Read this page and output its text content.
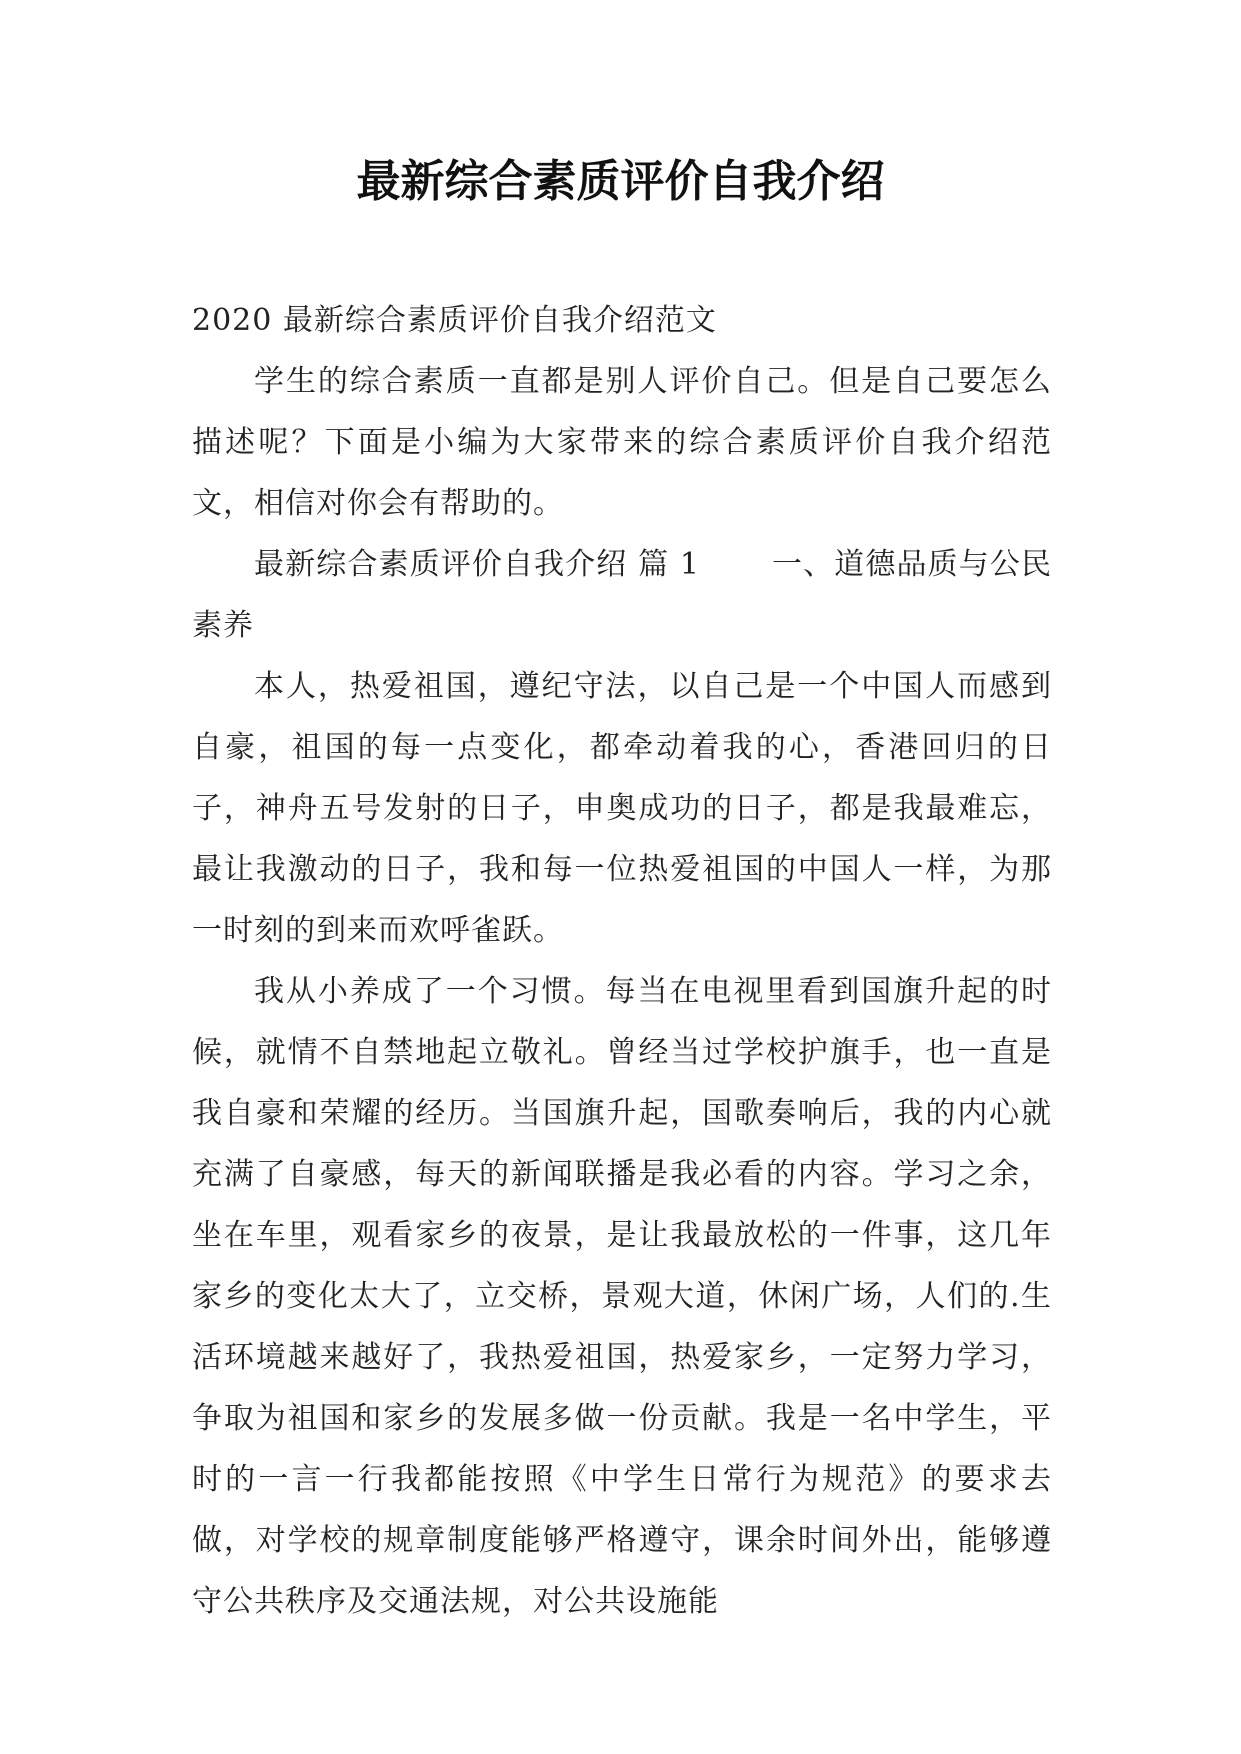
最新综合素质评价自我介绍

2020 最新综合素质评价自我介绍范文

学生的综合素质一直都是别人评价自己。但是自己要怎么描述呢？下面是小编为大家带来的综合素质评价自我介绍范文，相信对你会有帮助的。

最新综合素质评价自我介绍 篇 1 一、道德品质与公民素养

本人，热爱祖国，遵纪守法，以自己是一个中国人而感到自豪，祖国的每一点变化，都牵动着我的心，香港回归的日子，神舟五号发射的日子，申奥成功的日子，都是我最难忘，最让我激动的日子，我和每一位热爱祖国的中国人一样，为那一时刻的到来而欢呼雀跃。

我从小养成了一个习惯。每当在电视里看到国旗升起的时候，就情不自禁地起立敬礼。曾经当过学校护旗手，也一直是我自豪和荣耀的经历。当国旗升起，国歌奏响后，我的内心就充满了自豪感，每天的新闻联播是我必看的内容。学习之余，坐在车里，观看家乡的夜景，是让我最放松的一件事，这几年家乡的变化太大了，立交桥，景观大道，休闲广场，人们的.生活环境越来越好了，我热爱祖国，热爱家乡，一定努力学习，争取为祖国和家乡的发展多做一份贡献。我是一名中学生，平时的一言一行我都能按照《中学生日常行为规范》的要求去做，对学校的规章制度能够严格遵守，课余时间外出，能够遵守公共秩序及交通法规，对公共设施能
